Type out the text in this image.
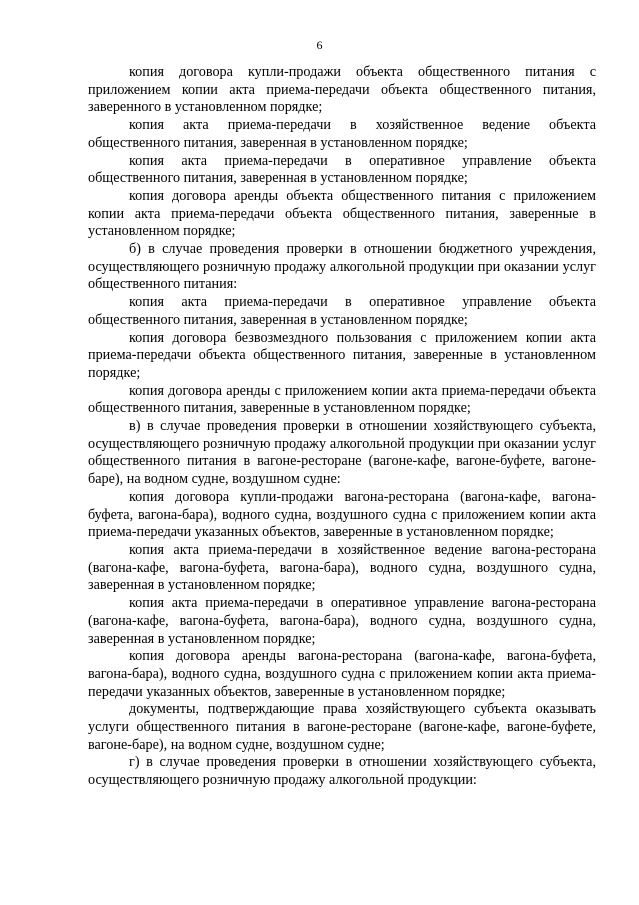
6

копия договора купли-продажи объекта общественного питания с приложением копии акта приема-передачи объекта общественного питания, заверенного в установленном порядке;

копия акта приема-передачи в хозяйственное ведение объекта общественного питания, заверенная в установленном порядке;

копия акта приема-передачи в оперативное управление объекта общественного питания, заверенная в установленном порядке;

копия договора аренды объекта общественного питания с приложением копии акта приема-передачи объекта общественного питания, заверенные в установленном порядке;

б) в случае проведения проверки в отношении бюджетного учреждения, осуществляющего розничную продажу алкогольной продукции при оказании услуг общественного питания:

копия акта приема-передачи в оперативное управление объекта общественного питания, заверенная в установленном порядке;

копия договора безвозмездного пользования с приложением копии акта приема-передачи объекта общественного питания, заверенные в установленном порядке;

копия договора аренды с приложением копии акта приема-передачи объекта общественного питания, заверенные в установленном порядке;

в) в случае проведения проверки в отношении хозяйствующего субъекта, осуществляющего розничную продажу алкогольной продукции при оказании услуг общественного питания в вагоне-ресторане (вагоне-кафе, вагоне-буфете, вагоне-баре), на водном судне, воздушном судне:

копия договора купли-продажи вагона-ресторана (вагона-кафе, вагона-буфета, вагона-бара), водного судна, воздушного судна с приложением копии акта приема-передачи указанных объектов, заверенные в установленном порядке;

копия акта приема-передачи в хозяйственное ведение вагона-ресторана (вагона-кафе, вагона-буфета, вагона-бара), водного судна, воздушного судна, заверенная в установленном порядке;

копия акта приема-передачи в оперативное управление вагона-ресторана (вагона-кафе, вагона-буфета, вагона-бара), водного судна, воздушного судна, заверенная в установленном порядке;

копия договора аренды вагона-ресторана (вагона-кафе, вагона-буфета, вагона-бара), водного судна, воздушного судна с приложением копии акта приема-передачи указанных объектов, заверенные в установленном порядке;

документы, подтверждающие права хозяйствующего субъекта оказывать услуги общественного питания в вагоне-ресторане (вагоне-кафе, вагоне-буфете, вагоне-баре), на водном судне, воздушном судне;

г) в случае проведения проверки в отношении хозяйствующего субъекта, осуществляющего розничную продажу алкогольной продукции:
